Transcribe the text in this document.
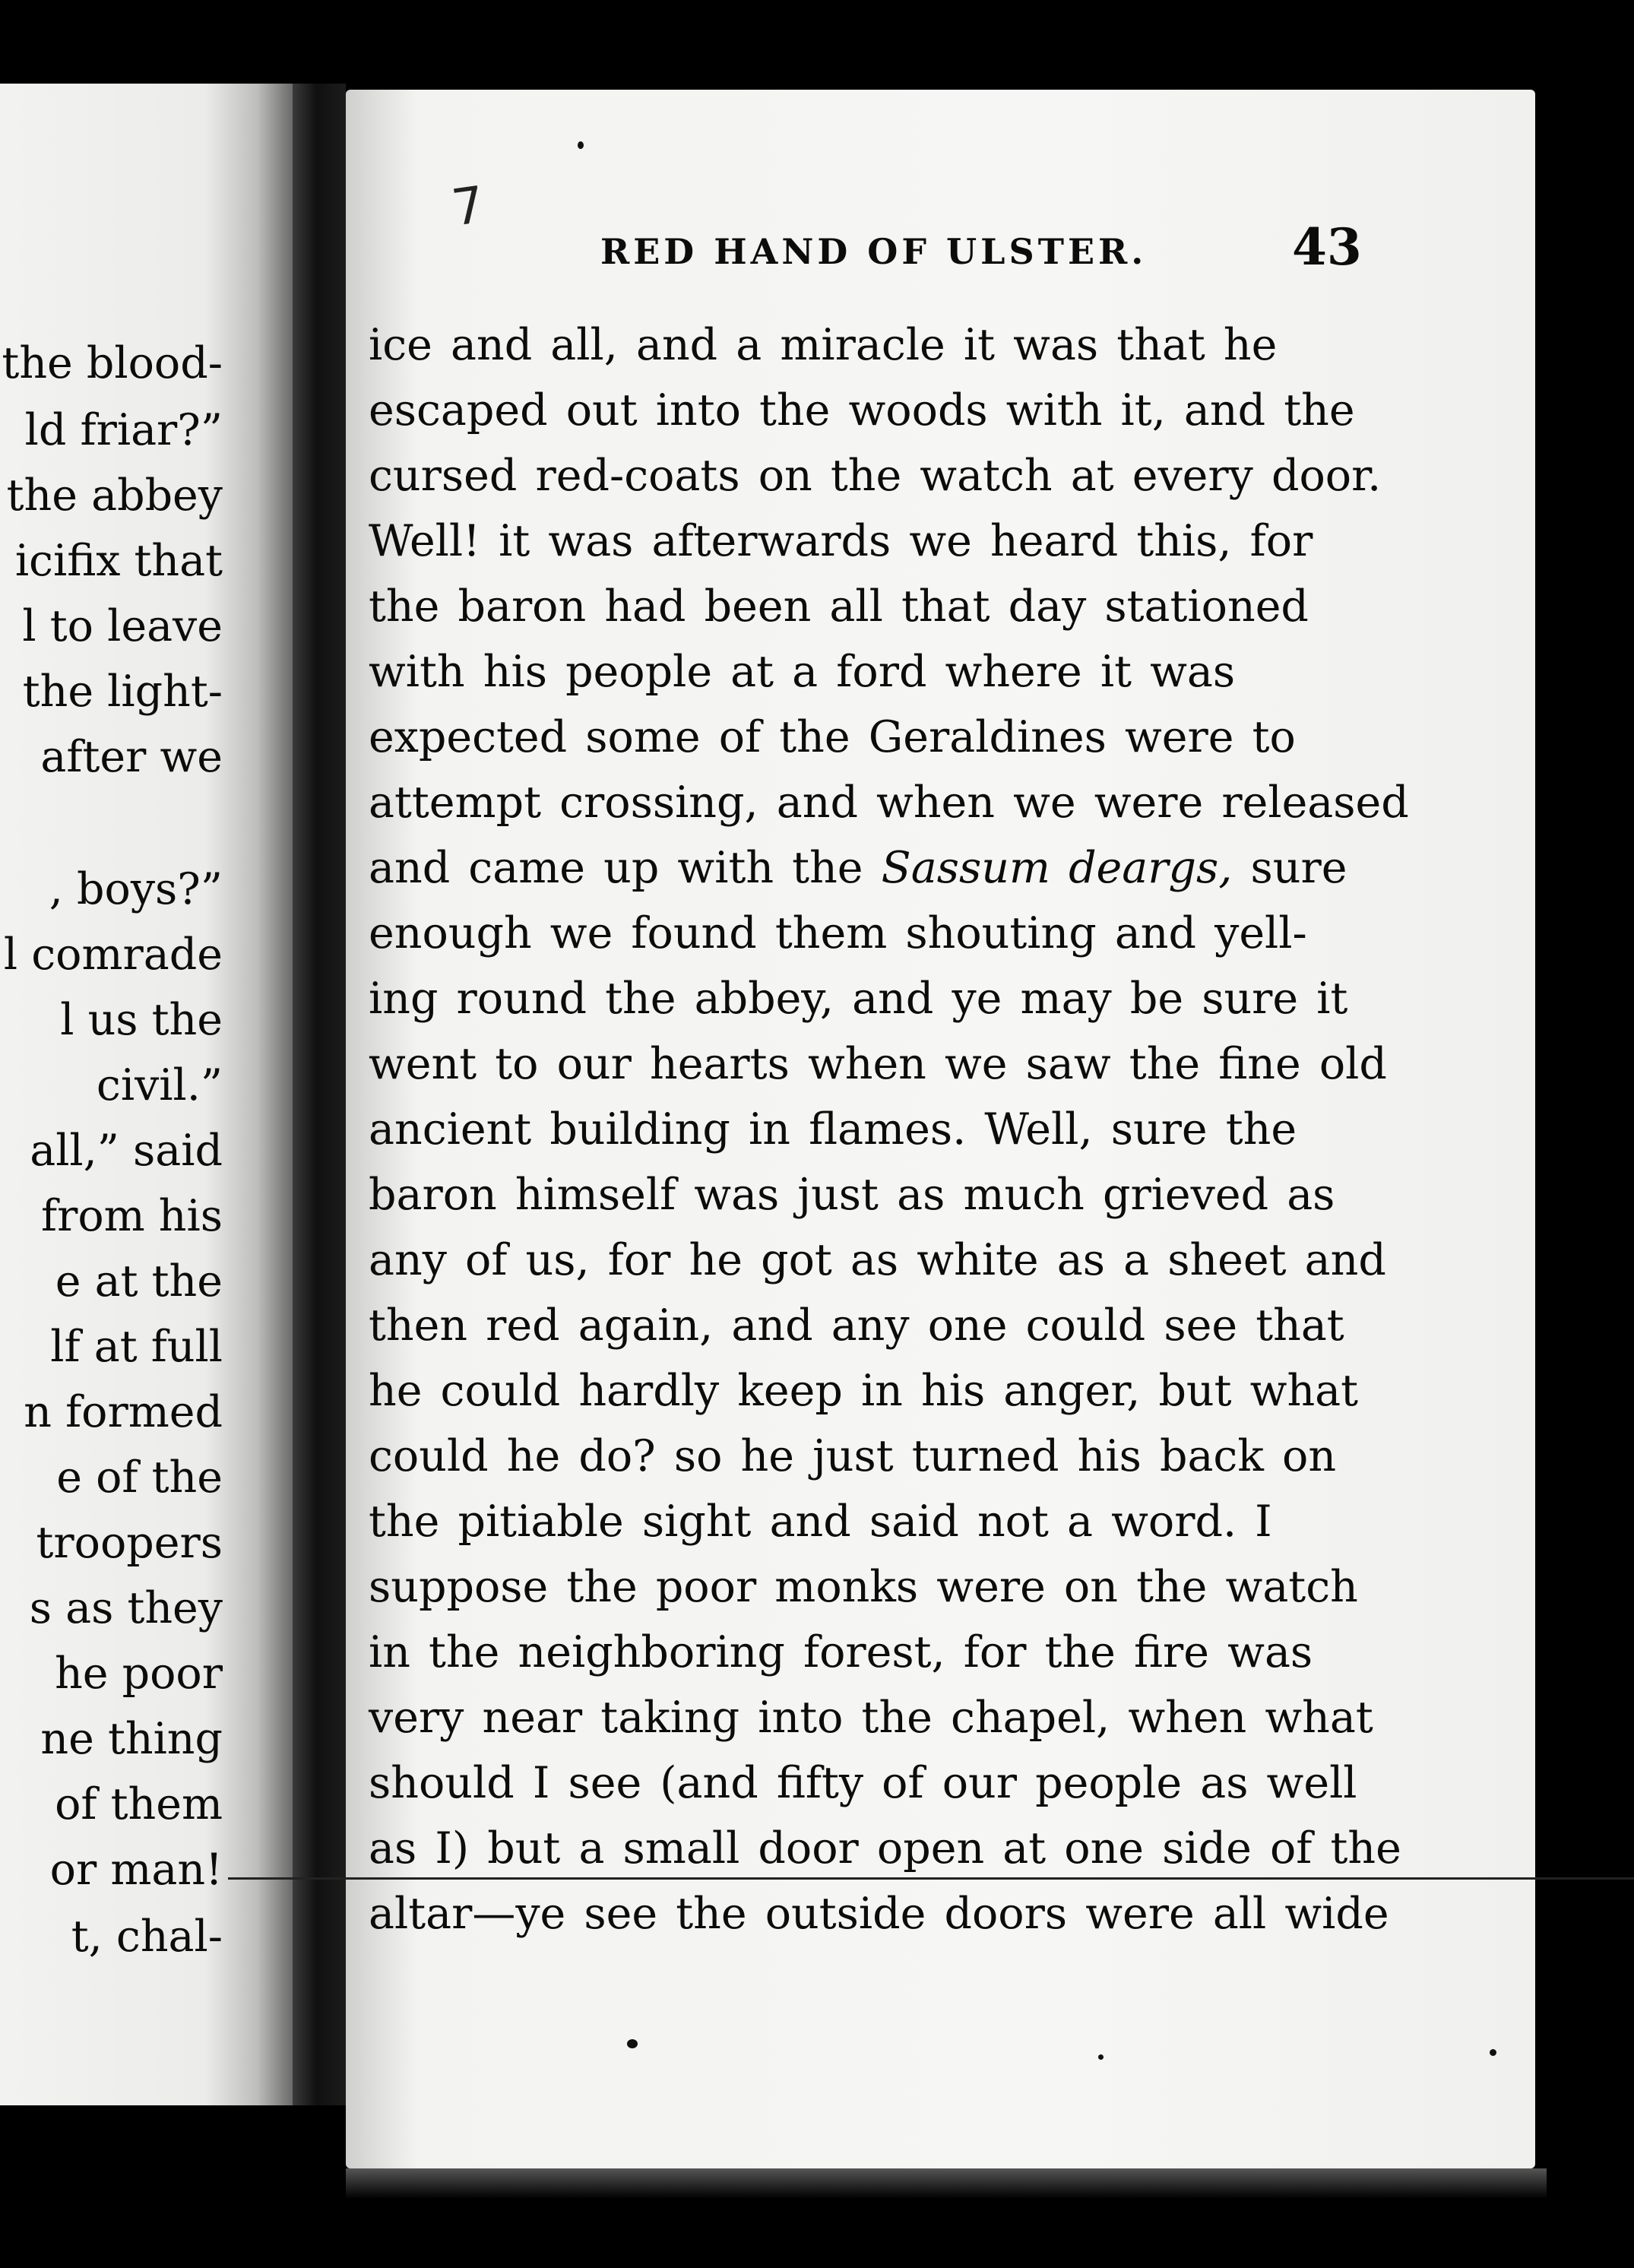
the blood-
ld friar?”
the abbey
icifix that
l to leave
the light-
after we
, boys?”
l comrade
l us the
civil.”
all,” said
from his
e at the
lf at full
n formed
e of the
troopers
s as they
he poor
ne thing
of them
or man!
t, chal-
7
RED HAND OF ULSTER.	43
ice and all, and a miracle it was that he
escaped out into the woods with it, and the
cursed red-coats on the watch at every door.
Well! it was afterwards we heard this, for
the baron had been all that day stationed
with his people at a ford where it was
expected some of the Geraldines were to
attempt crossing, and when we were released
and came up with the Sassum deargs, sure
enough we found them shouting and yell-
ing round the abbey, and ye may be sure it
went to our hearts when we saw the fine old
ancient building in flames. Well, sure the
baron himself was just as much grieved as
any of us, for he got as white as a sheet and
then red again, and any one could see that
he could hardly keep in his anger, but what
could he do? so he just turned his back on
the pitiable sight and said not a word. I
suppose the poor monks were on the watch
in the neighboring forest, for the fire was
very near taking into the chapel, when what
should I see (and fifty of our people as well
as I) but a small door open at one side of the
altar—ye see the outside doors were all wide
